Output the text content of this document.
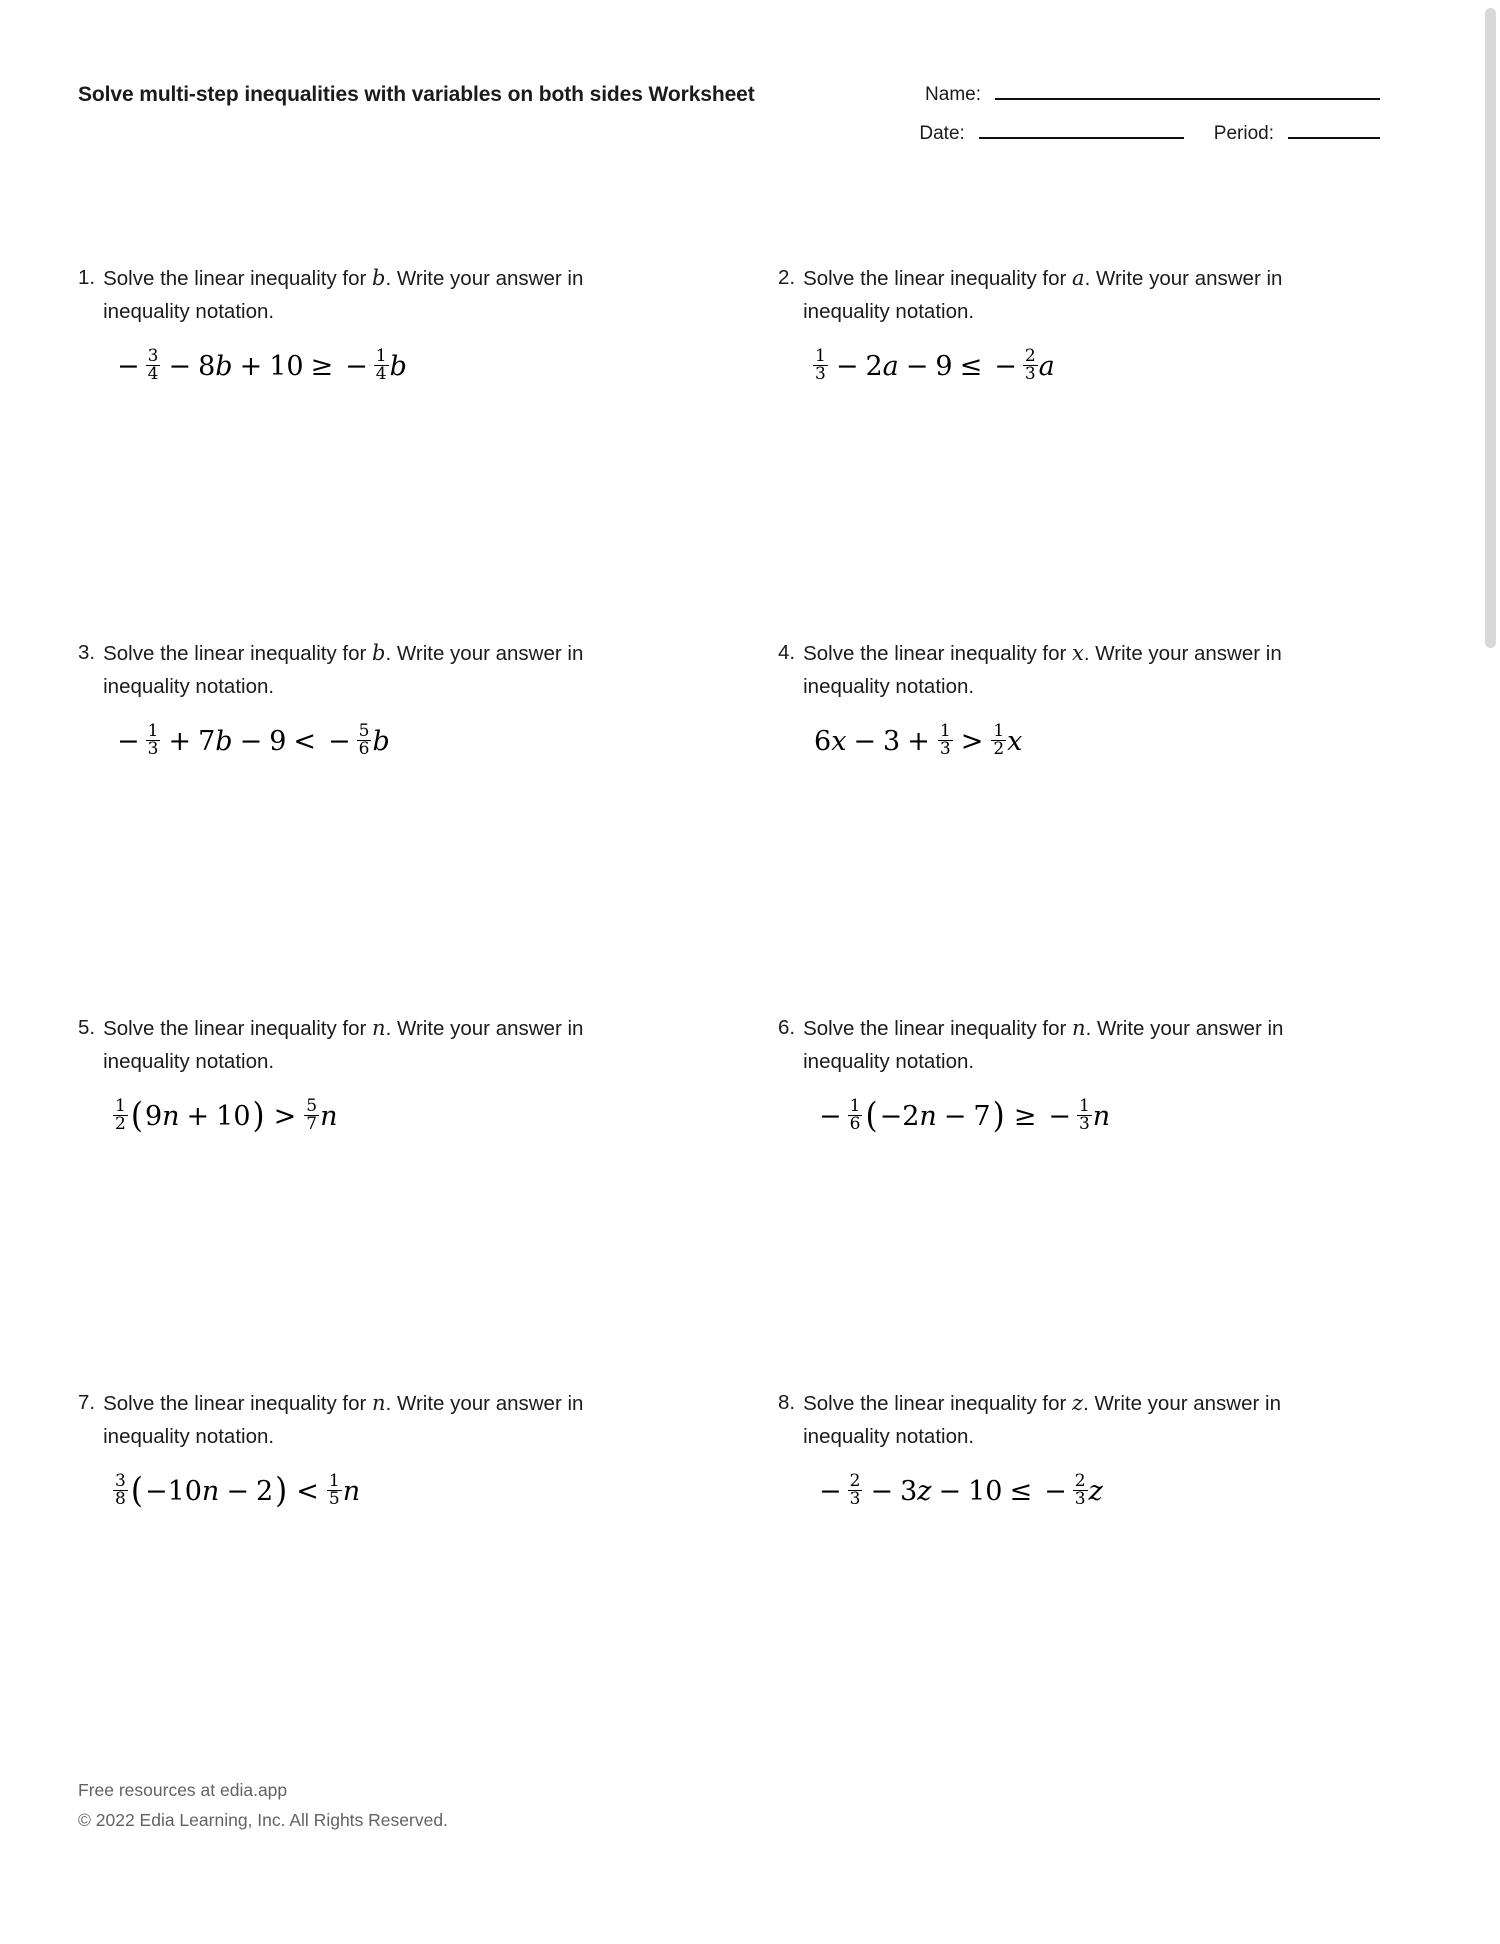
Solve multi-step inequalities with variables on both sides Worksheet	Name:
Date:	Period:
1. Solve the linear inequality for b. Write your answer in inequality notation.
− $\frac{3}{4} - 8$ b + 10 ≥ − $\frac{1}{4}$ b
2. Solve the linear inequality for a. Write your answer in inequality notation.
$\frac{1}{3} - 2$ a − 9 ≤ − $\frac{2}{3}$ a
3. Solve the linear inequality for b. Write your answer in inequality notation.
− $\frac{1}{3} + 7$ b − 9 < − $\frac{5}{6}$ b
4. Solve the linear inequality for x. Write your answer in inequality notation.
6 $x - 3 + \frac{1}{3} > \frac{1}{2}$ x
5. Solve the linear inequality for n. Write your answer in inequality notation.
$\frac{1}{2}$ ( 9 n + 10 ) > $\frac{5}{7}$ n
6. Solve the linear inequality for n. Write your answer in inequality notation.
− $\frac{1}{6}$ ( − 2 n − 7 ) ≥ − $\frac{1}{3}$ n
7. Solve the linear inequality for n. Write your answer in inequality notation.
$\frac{3}{8}$ ( − 10 n − 2 ) < $\frac{1}{5}$ n
8. Solve the linear inequality for z. Write your answer in inequality notation.
− $\frac{2}{3} - 3$ z − 10 ≤ − $\frac{2}{3}$ z
Free resources at edia.app
© 2022 Edia Learning, Inc. All Rights Reserved.
